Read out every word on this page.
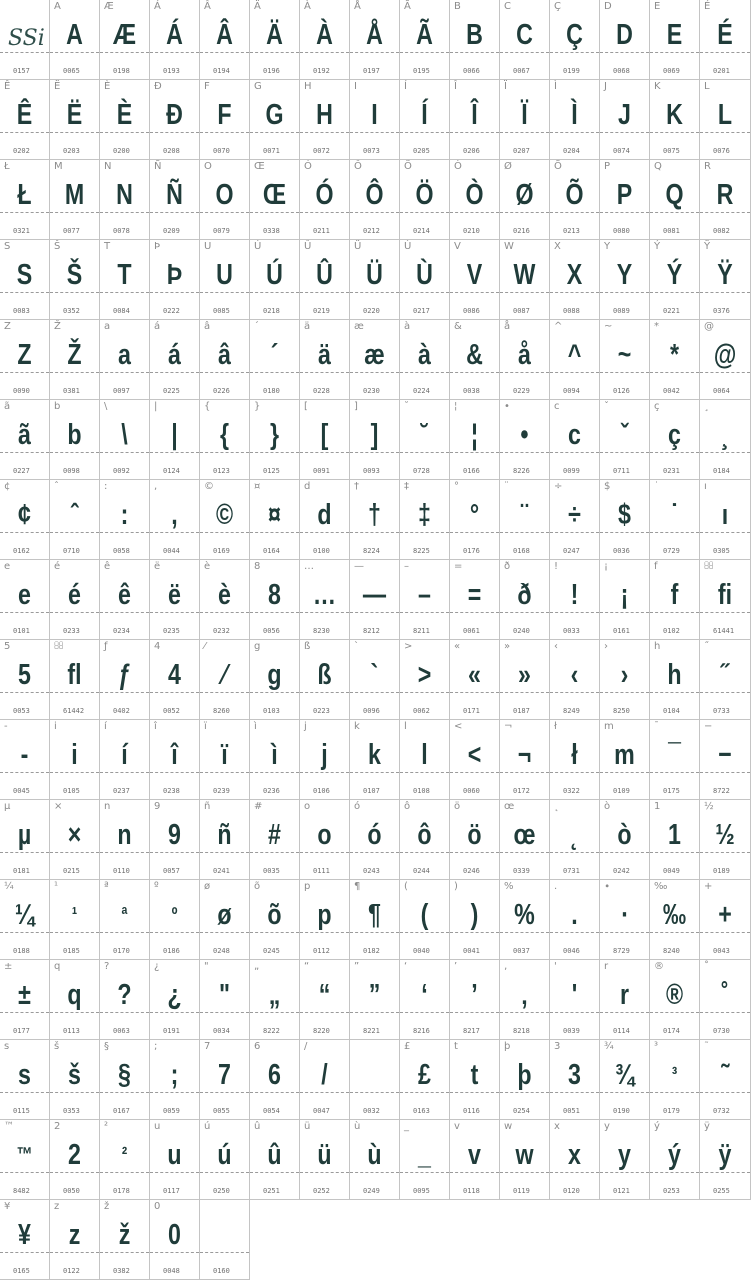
SSi
0157
A
A
0065
Æ
Æ
0198
Á
Á
0193
Â
Â
0194
Ä
Ä
0196
À
À
0192
Å
Å
0197
Ã
Ã
0195
B
B
0066
C
C
0067
Ç
Ç
0199
D
D
0068
E
E
0069
É
É
0201
Ê
Ê
0202
Ë
Ë
0203
È
È
0200
Đ
Đ
0208
F
F
0070
G
G
0071
H
H
0072
I
I
0073
Í
Í
0205
Î
Î
0206
Ï
Ï
0207
Ì
Ì
0204
J
J
0074
K
K
0075
L
L
0076
Ł
Ł
0321
M
M
0077
N
N
0078
Ñ
Ñ
0209
O
O
0079
Œ
Œ
0338
Ó
Ó
0211
Ô
Ô
0212
Ö
Ö
0214
Ò
Ò
0210
Ø
Ø
0216
Õ
Õ
0213
P
P
0080
Q
Q
0081
R
R
0082
S
S
0083
Š
Š
0352
T
T
0084
Þ
Þ
0222
U
U
0085
Ú
Ú
0218
Û
Û
0219
Ü
Ü
0220
Ù
Ù
0217
V
V
0086
W
W
0087
X
X
0088
Y
Y
0089
Ý
Ý
0221
Ÿ
Ÿ
0376
Z
Z
0090
Ž
Ž
0381
a
a
0097
á
á
0225
â
â
0226
´
´
0180
ä
ä
0228
æ
æ
0230
à
à
0224
&
&
0038
å
å
0229
^
^
0094
~
~
0126
*
*
0042
@
@
0064
ã
ã
0227
b
b
0098
\
\
0092
|
|
0124
{
{
0123
}
}
0125
[
[
0091
]
]
0093
˘
˘
0728
¦
¦
0166
•
•
8226
c
c
0099
ˇ
ˇ
0711
ç
ç
0231
¸
¸
0184
¢
¢
0162
ˆ
ˆ
0710
:
:
0058
,
,
0044
©
©
0169
¤
¤
0164
d
d
0100
†
†
8224
‡
‡
8225
°
°
0176
¨
¨
0168
÷
÷
0247
$
$
0036
˙
˙
0729
ı
ı
0305
e
e
0101
é
é
0233
ê
ê
0234
ë
ë
0235
è
è
0232
8
8
0056
…
…
8230
—
—
8212
–
–
8211
=
=
0061
ð
ð
0240
!
!
0033
¡
¡
0161
f
f
0102
ﬁ
61441
5
5
0053
ﬂ
61442
ƒ
ƒ
0402
4
4
0052
⁄
⁄
8260
g
g
0103
ß
ß
0223
`
`
0096
>
>
0062
«
«
0171
»
»
0187
‹
‹
8249
›
›
8250
h
h
0104
˝
˝
0733
-
-
0045
i
i
0105
í
í
0237
î
î
0238
ï
ï
0239
ì
ì
0236
j
j
0106
k
k
0107
l
l
0108
<
<
0060
¬
¬
0172
ł
ł
0322
m
m
0109
¯
¯
0175
−
−
8722
µ
µ
0181
×
×
0215
n
n
0110
9
9
0057
ñ
ñ
0241
#
#
0035
o
o
0111
ó
ó
0243
ô
ô
0244
ö
ö
0246
œ
œ
0339
˛
˛
0731
ò
ò
0242
1
1
0049
½
½
0189
¼
¼
0188
¹
¹
0185
ª
ª
0170
º
º
0186
ø
ø
0248
õ
õ
0245
p
p
0112
¶
¶
0182
(
(
0040
)
)
0041
%
%
0037
.
.
0046
∙
∙
8729
‰
‰
8240
+
+
0043
±
±
0177
q
q
0113
?
?
0063
¿
¿
0191
"
"
0034
„
„
8222
“
“
8220
”
”
8221
‘
‘
8216
’
’
8217
‚
‚
8218
'
'
0039
r
r
0114
®
®
0174
˚
˚
0730
s
s
0115
š
š
0353
§
§
0167
;
;
0059
7
7
0055
6
6
0054
/
/
0047	0032
£
£
0163
t
t
0116
þ
þ
0254
3
3
0051
¾
¾
0190
³
³
0179
˜
˜
0732
™
™
8482
2
2
0050
²
²
0178
u
u
0117
ú
ú
0250
û
û
0251
ü
ü
0252
ù
ù
0249
_
_
0095
v
v
0118
w
w
0119
x
x
0120
y
y
0121
ý
ý
0253
ÿ
ÿ
0255
¥
¥
0165
z
z
0122
ž
ž
0382
0
0
0048	0160
